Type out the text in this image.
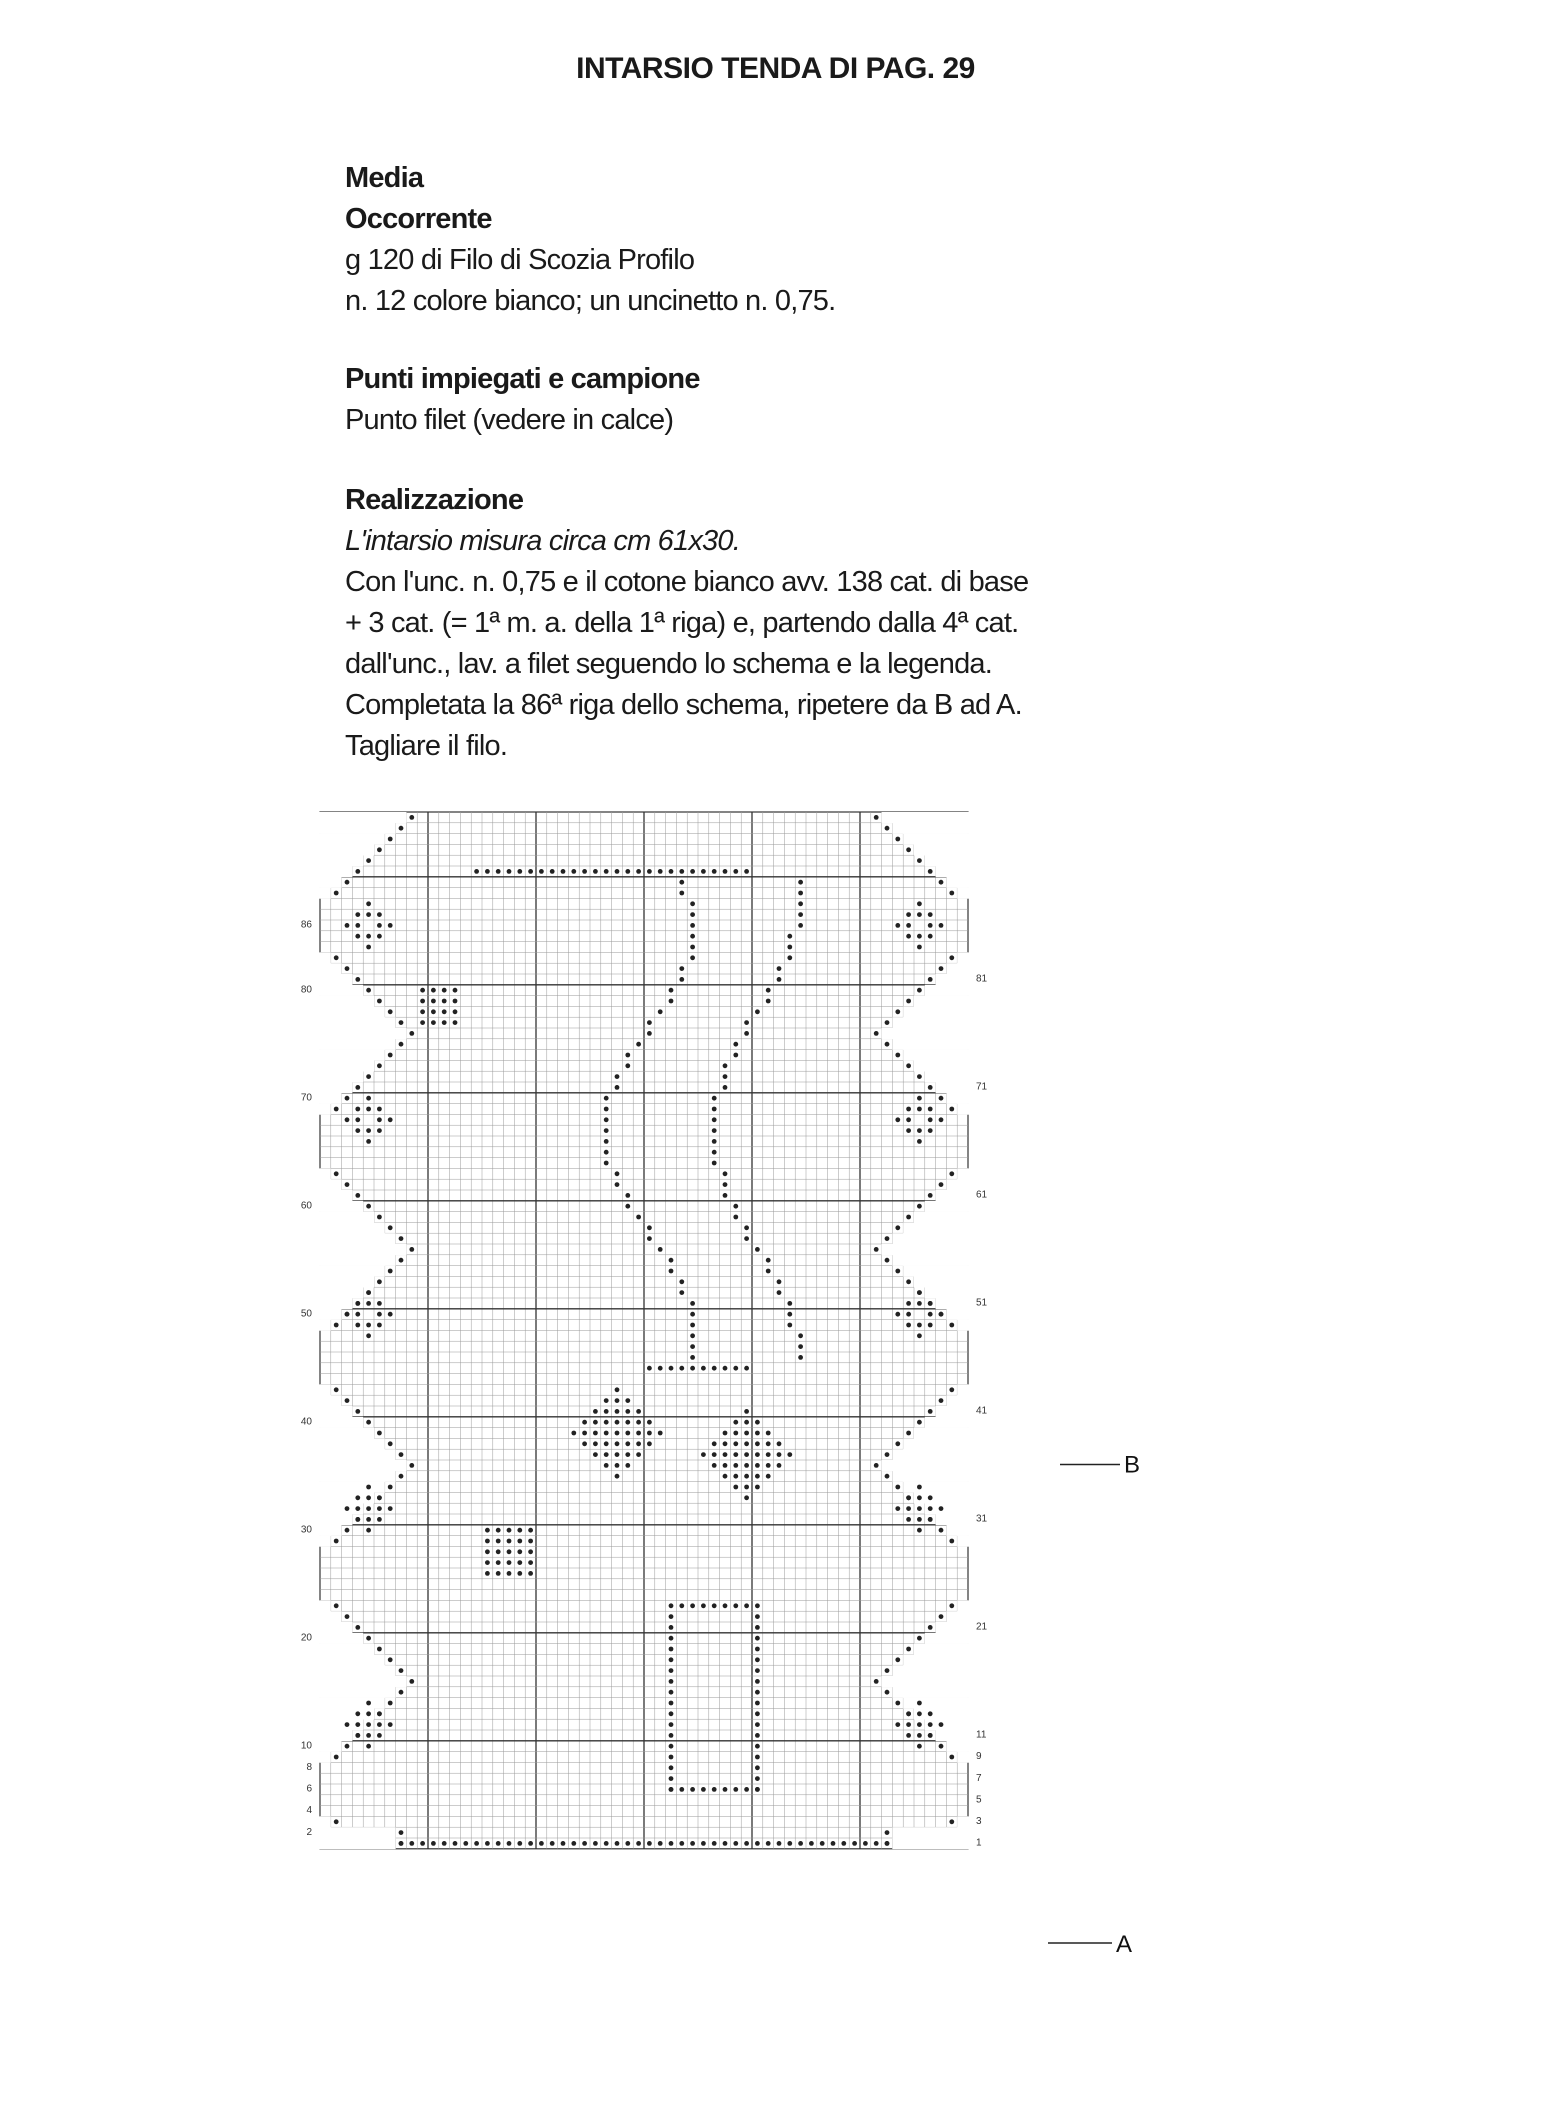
INTARSIO TENDA DI PAG. 29

Media

Occorrente

g 120 di Filo di Scozia Profilo

n. 12 colore bianco; un uncinetto n. 0,75.

Punti impiegati e campione

Punto filet (vedere in calce)

Realizzazione

L'intarsio misura circa cm 61x30.

Con l'unc. n. 0,75 e il cotone bianco avv. 138 cat. di base

+ 3 cat. (= 1ª m. a. della 1ª riga) e, partendo dalla 4ª cat.

dall'unc., lav. a filet seguendo lo schema e la legenda.

Completata la 86ª riga dello schema, ripetere da B ad A.

Tagliare il filo.

2
4
6
8
10
20
30
40
50
60
70
80
86
1
3
5
7
9
11
21
31
41
51
61
71
81
A
B
